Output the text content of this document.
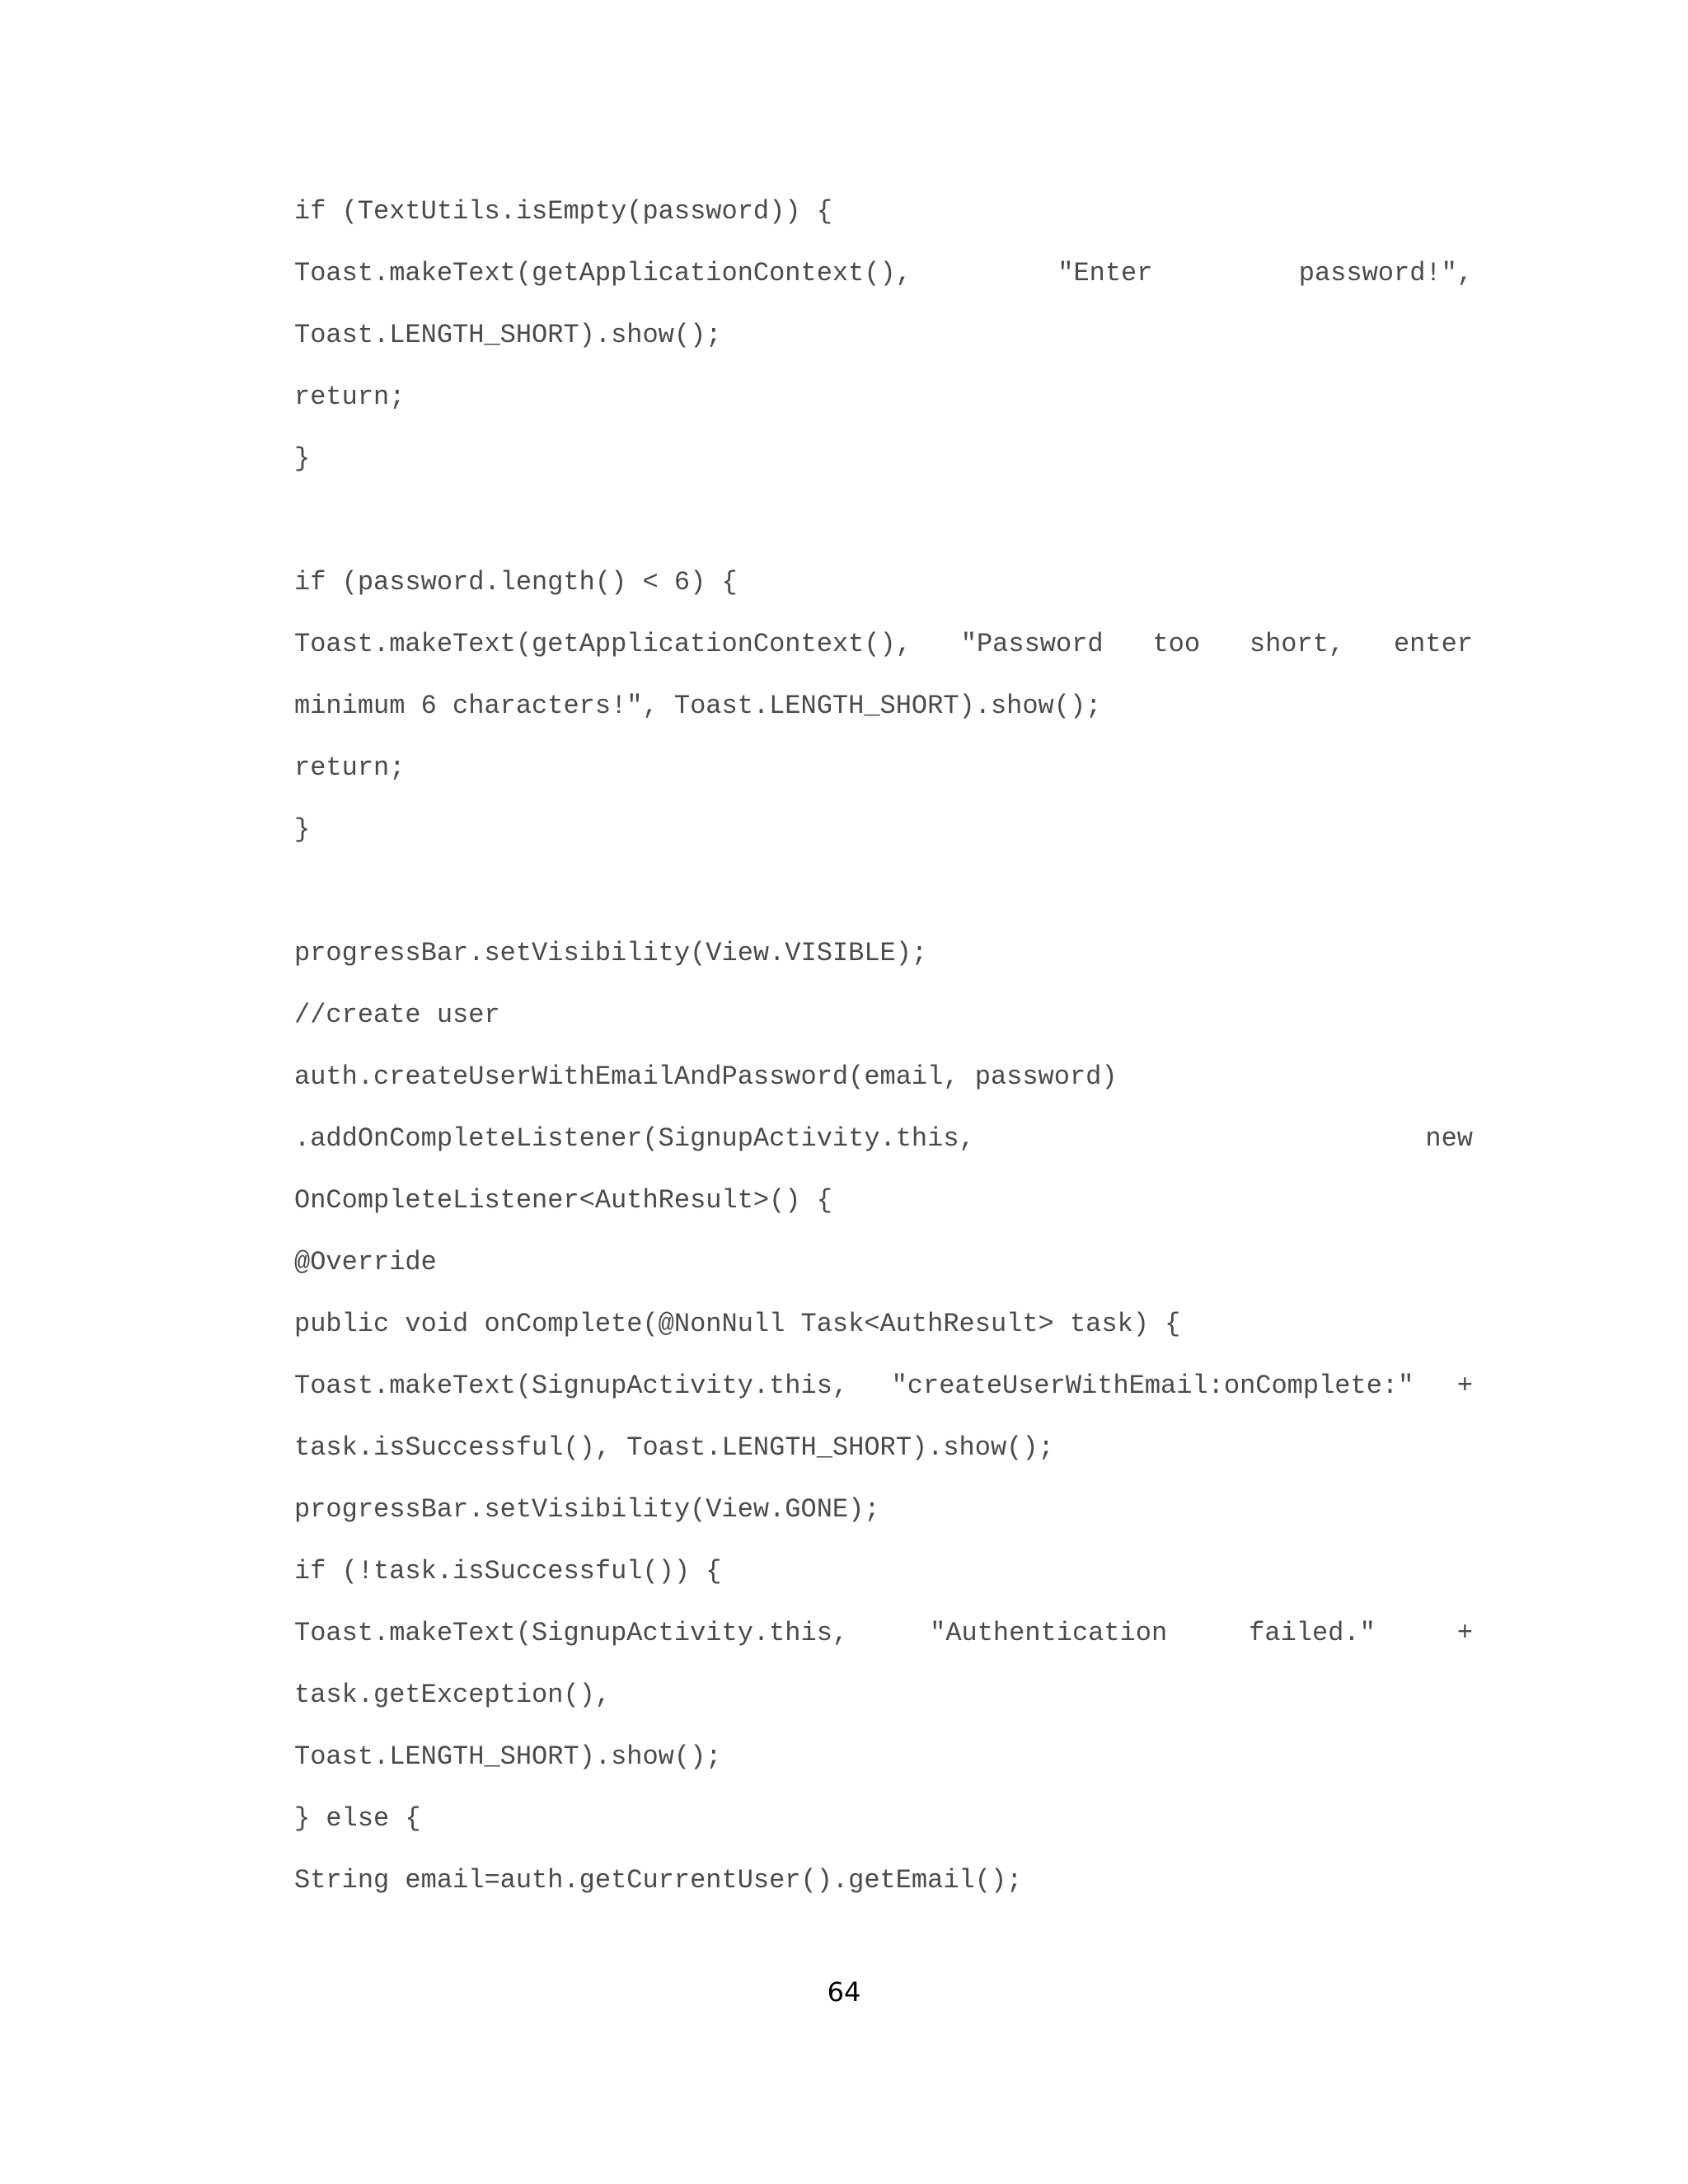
if (TextUtils.isEmpty(password)) {
Toast.makeText(getApplicationContext(),	"Enter	password!",
Toast.LENGTH_SHORT).show();
return;
}
if (password.length() < 6) {
Toast.makeText(getApplicationContext(), "Password too short, enter
minimum 6 characters!", Toast.LENGTH_SHORT).show();
return;
}
progressBar.setVisibility(View.VISIBLE);
//create user
auth.createUserWithEmailAndPassword(email, password)
.addOnCompleteListener(SignupActivity.this,	new
OnCompleteListener<AuthResult>() {
@Override
public void onComplete(@NonNull Task<AuthResult> task) {
Toast.makeText(SignupActivity.this, "createUserWithEmail:onComplete:" +
task.isSuccessful(), Toast.LENGTH_SHORT).show();
progressBar.setVisibility(View.GONE);
if (!task.isSuccessful()) {
Toast.makeText(SignupActivity.this,	"Authentication	failed."	+
task.getException(),
Toast.LENGTH_SHORT).show();
} else {
String email=auth.getCurrentUser().getEmail();
64
